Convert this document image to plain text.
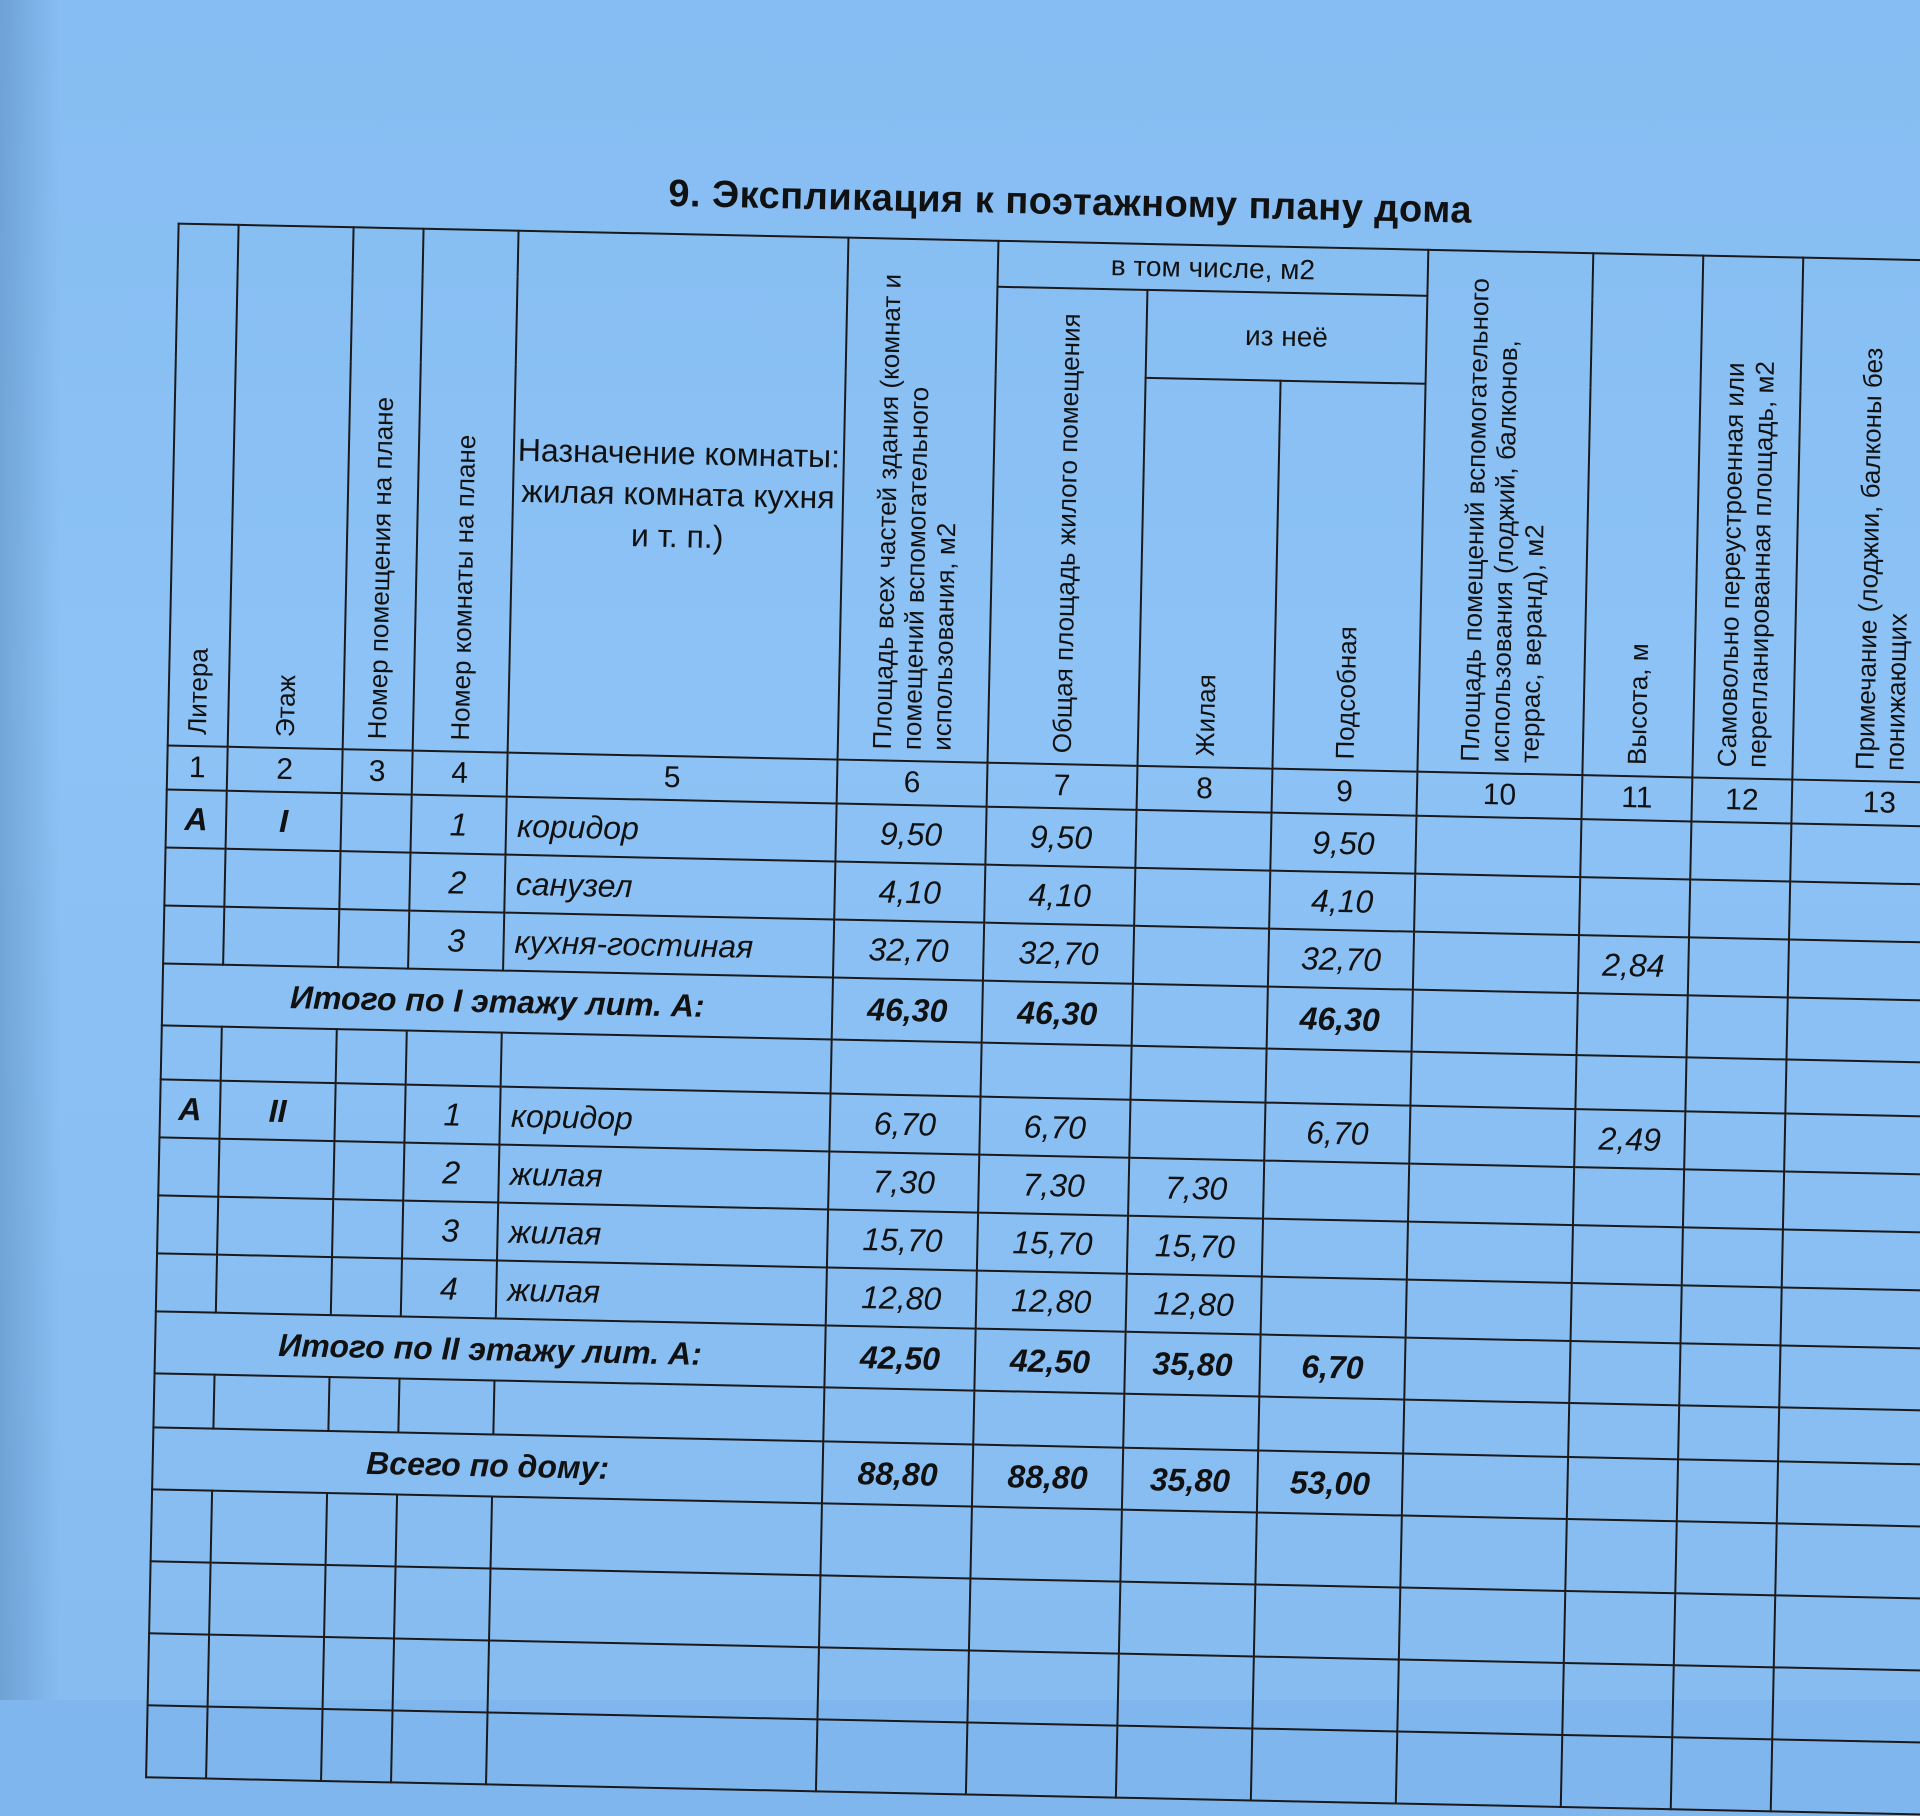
9. Экспликация к поэтажному плану дома
Литера	Этаж	Номер помещения на плане	Номер комнаты на плане	Назначение комнаты: жилая комната кухня и т. п.)	Площадь всех частей здания (комнат и помещений вспомогательного использования, м2	в том числе, м2			Площадь помещений вспомогательного использования (лоджий, балконов, террас, веранд), м2	Высота, м	Самовольно переустроенная или перепланированная площадь, м2	Примечание (лоджии, балконы без понижающих

						Общая площадь жилого помещения	из неё					

							Жилая	Подсобная				

1	2	3	4	5	6	7	8	9	10	11	12	13
А	I		1	коридор	9,50	9,50		9,50				
			2	санузел	4,10	4,10		4,10				
			3	кухня-гостиная	32,70	32,70		32,70		2,84		
Итого по I этажу лит. А:					46,30	46,30		46,30				

А	II		1	коридор	6,70	6,70		6,70		2,49		
			2	жилая	7,30	7,30	7,30					
			3	жилая	15,70	15,70	15,70					
			4	жилая	12,80	12,80	12,80					
Итого по II этажу лит. А:					42,50	42,50	35,80	6,70				

Всего по дому:					88,80	88,80	35,80	53,00				
